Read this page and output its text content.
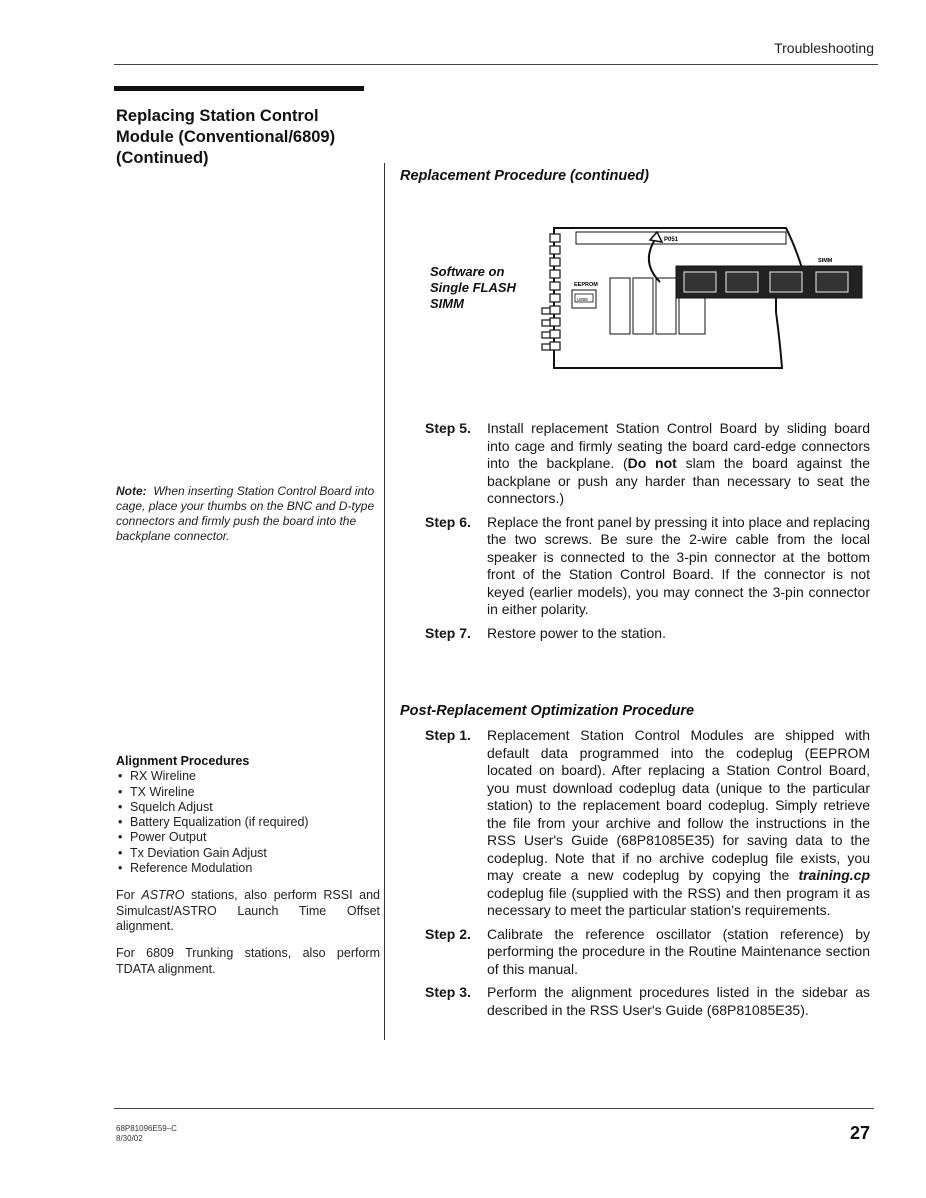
Troubleshooting
Replacing Station Control
Module (Conventional/6809)
(Continued)
Replacement Procedure (continued)
Software on
Single FLASH
SIMM
P051
EEPROM
U808
SIMM
Step 5.	Install replacement Station Control Board by sliding board into cage and firmly seating the board card-edge connectors into the backplane. (Do not slam the board against the backplane or push any harder than necessary to seat the connectors.)
Step 6.	Replace the front panel by pressing it into place and replacing the two screws. Be sure the 2-wire cable from the local speaker is connected to the 3-pin connector at the bottom front of the Station Control Board. If the connector is not keyed (earlier models), you may connect the 3-pin connector in either polarity.
Step 7.	Restore power to the station.
Note: When inserting Station Control Board into cage, place your thumbs on the BNC and D-type connectors and firmly push the board into the backplane connector.
Post-Replacement Optimization Procedure
Step 1.	Replacement Station Control Modules are shipped with default data programmed into the codeplug (EEPROM located on board). After replacing a Station Control Board, you must download codeplug data (unique to the particular station) to the replacement board codeplug. Simply retrieve the file from your archive and follow the instructions in the RSS User's Guide (68P81085E35) for saving data to the codeplug. Note that if no archive codeplug file exists, you may create a new codeplug by copying the training.cp codeplug file (supplied with the RSS) and then program it as necessary to meet the particular station's requirements.
Step 2.	Calibrate the reference oscillator (station reference) by performing the procedure in the Routine Maintenance section of this manual.
Step 3.	Perform the alignment procedures listed in the sidebar as described in the RSS User's Guide (68P81085E35).
Alignment Procedures
• RX Wireline
• TX Wireline
• Squelch Adjust
• Battery Equalization (if required)
• Power Output
• Tx Deviation Gain Adjust
• Reference Modulation
For ASTRO stations, also perform RSSI and Simulcast/ASTRO Launch Time Offset alignment.
For 6809 Trunking stations, also perform TDATA alignment.
68P81096E59–C
8/30/02	27
